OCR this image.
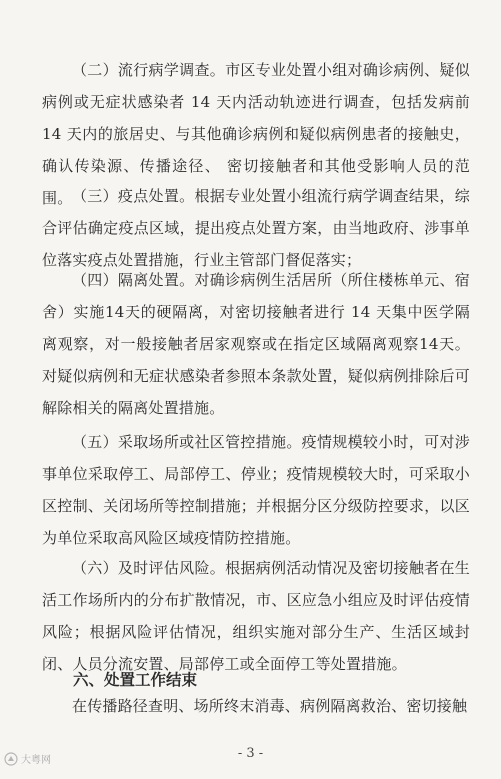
（二）流行病学调查。市区专业处置小组对确诊病例、疑似病例或无症状感染者 14 天内活动轨迹进行调查，包括发病前 14 天内的旅居史、与其他确诊病例和疑似病例患者的接触史，确认传染源、传播途径、 密切接触者和其他受影响人员的范围。 （三）疫点处置。根据专业处置小组流行病学调查结果，综合评估确定疫点区域，提出疫点处置方案，由当地政府、涉事单位落实疫点处置措施，行业主管部门督促落实；

（四）隔离处置。对确诊病例生活居所（所住楼栋单元、宿舍）实施14天的硬隔离，对密切接触者进行 14 天集中医学隔离观察，对一般接触者居家观察或在指定区域隔离观察14天。对疑似病例和无症状感染者参照本条款处置，疑似病例排除后可解除相关的隔离处置措施。

（五）采取场所或社区管控措施。疫情规模较小时，可对涉事单位采取停工、局部停工、停业；疫情规模较大时，可采取小区控制、关闭场所等控制措施；并根据分区分级防控要求，以区为单位采取高风险区域疫情防控措施。

（六）及时评估风险。根据病例活动情况及密切接触者在生活工作场所内的分布扩散情况，市、区应急小组应及时评估疫情风险；根据风险评估情况，组织实施对部分生产、生活区域封闭、人员分流安置、局部停工或全面停工等处置措施。

六、处置工作结束

在传播路径查明、场所终末消毒、病例隔离救治、密切接触

- 3 -
大粤网
